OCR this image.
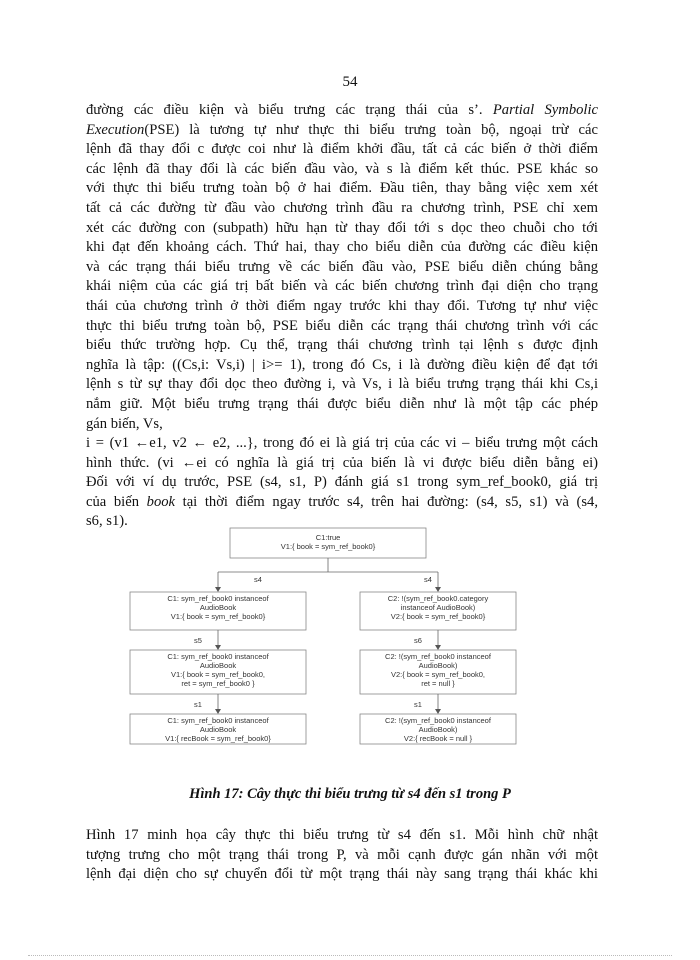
54
đường các điều kiện và biểu trưng các trạng thái của s’. Partial Symbolic
Execution(PSE) là tương tự như thực thi biểu trưng toàn bộ, ngoại trừ các
lệnh đã thay đổi c được coi như là điểm khởi đầu, tất cả các biến ở thời điểm
các lệnh đã thay đổi là các biến đầu vào, và s là điểm kết thúc. PSE khác so
với thực thi biểu trưng toàn bộ ở hai điểm. Đầu tiên, thay bằng việc xem xét
tất cả các đường từ đầu vào chương trình đầu ra chương trình, PSE chỉ xem
xét các đường con (subpath) hữu hạn từ thay đổi tới s dọc theo chuỗi cho tới
khi đạt đến khoảng cách. Thứ hai, thay cho biểu diễn của đường các điều kiện
và các trạng thái biểu trưng về các biến đầu vào, PSE biểu diễn chúng bằng
khái niệm của các giá trị bất biến và các biến chương trình đại diện cho trạng
thái của chương trình ở thời điểm ngay trước khi thay đổi. Tương tự như việc
thực thi biểu trưng toàn bộ, PSE biểu diễn các trạng thái chương trình với các
biểu thức trường hợp. Cụ thể, trạng thái chương trình tại lệnh s được định
nghĩa là tập: ((Cs,i: Vs,i) | i>= 1), trong đó Cs, i là đường điều kiện để đạt tới
lệnh s từ sự thay đổi dọc theo đường i, và Vs, i là biểu trưng trạng thái khi Cs,i
nắm giữ. Một biểu trưng trạng thái được biểu diễn như là một tập các phép
gán biến, Vs,
i = (v1 ←e1, v2 ← e2, ...}, trong đó ei là giá trị của các vi – biểu trưng một cách
hình thức. (vi ←ei có nghĩa là giá trị của biến là vi được biểu diễn bằng ei)
Đối với ví dụ trước, PSE (s4, s1, P) đánh giá s1 trong sym_ref_book0, giá trị
của biến book tại thời điểm ngay trước s4, trên hai đường: (s4, s5, s1) và (s4,
s6, s1).
C1:true
V1:{ book = sym_ref_book0}
s4	s4
C1: sym_ref_book0 instanceof
AudioBook
V1:{ book = sym_ref_book0}
s5
C1: sym_ref_book0 instanceof
AudioBook
V1:{ book = sym_ref_book0,
ret = sym_ref_book0 }
s1
C1: sym_ref_book0 instanceof
AudioBook
V1:{ recBook = sym_ref_book0}
C2: !(sym_ref_book0.category
instanceof AudioBook)
V2:{ book = sym_ref_book0}
s6
C2: !(sym_ref_book0 instanceof
AudioBook)
V2:{ book = sym_ref_book0,
ret = null }
s1
C2: !(sym_ref_book0 instanceof
AudioBook)
V2:{ recBook = null }
Hình 17: Cây thực thi biểu trưng từ s4 đến s1 trong P
Hình 17 minh họa cây thực thi biểu trưng từ s4 đến s1. Mỗi hình chữ nhật
tượng trưng cho một trạng thái trong P, và mỗi cạnh được gán nhãn với một
lệnh đại diện cho sự chuyển đổi từ một trạng thái này sang trạng thái khác khi
